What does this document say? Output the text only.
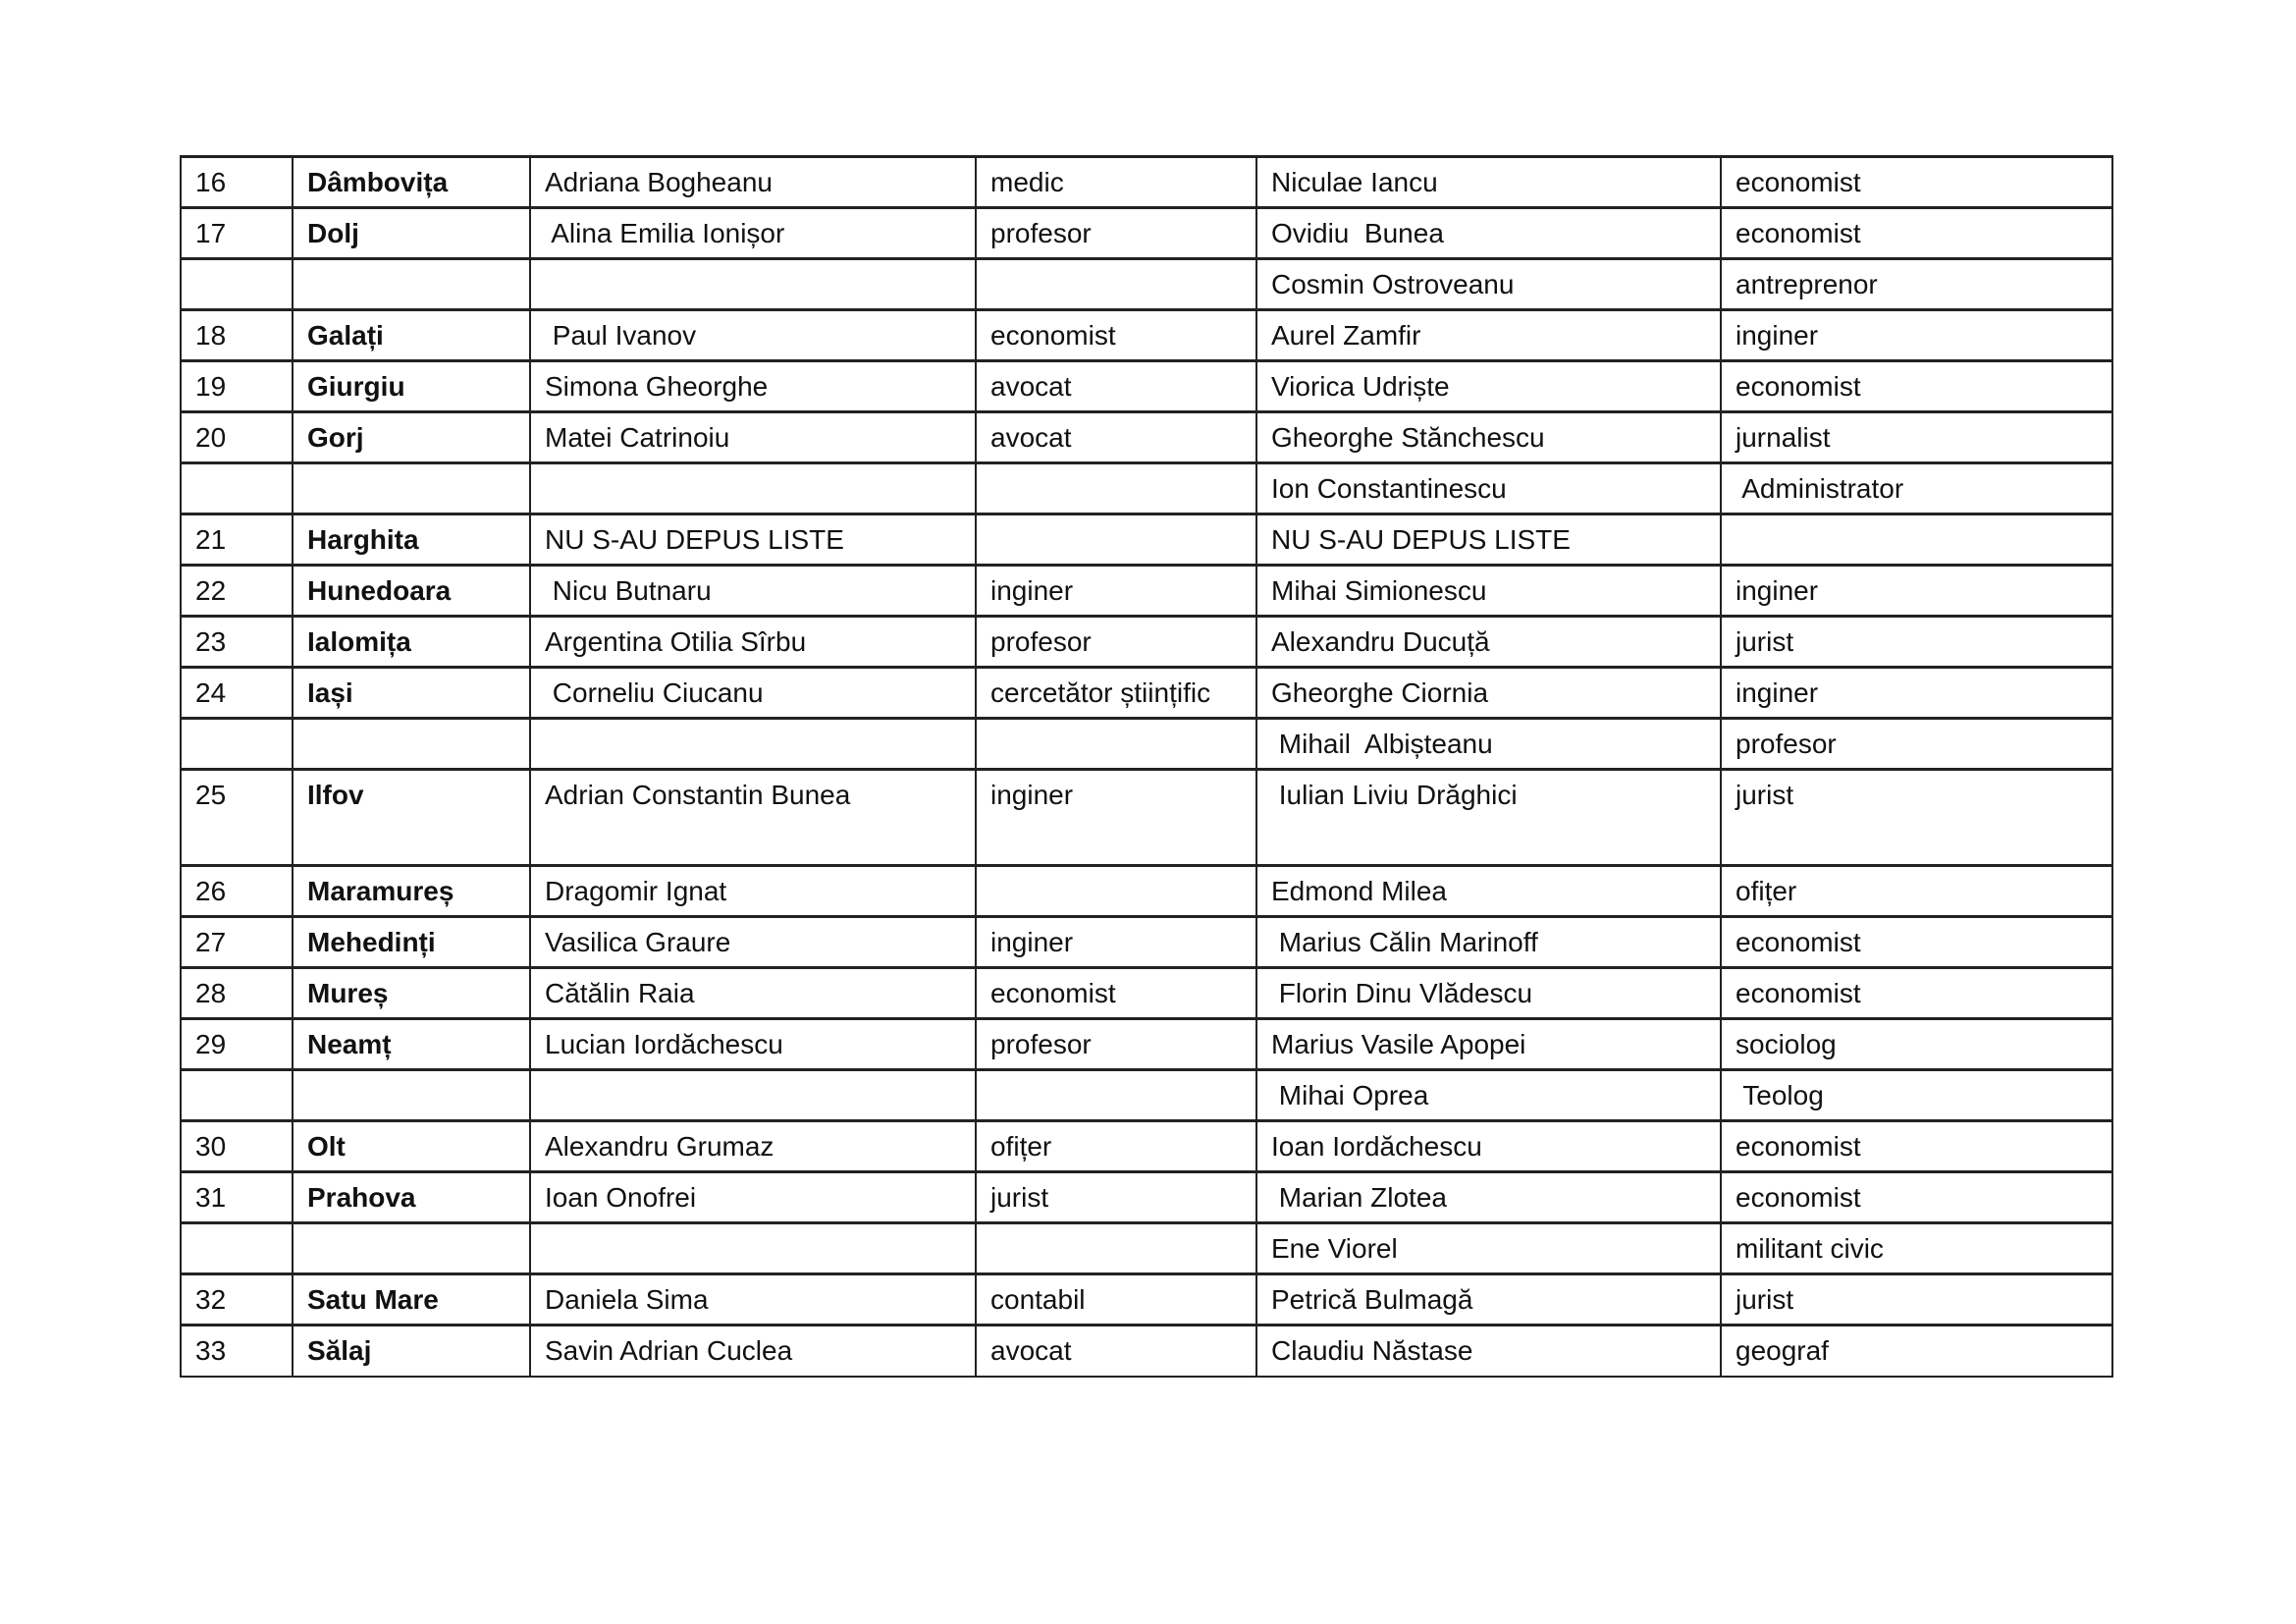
16	Dâmbovița	Adriana Bogheanu	medic	Niculae Iancu	economist
17	Dolj	Alina Emilia Ionișor	profesor	Ovidiu  Bunea	economist
				Cosmin Ostroveanu	antreprenor
18	Galați	Paul Ivanov	economist	Aurel Zamfir	inginer
19	Giurgiu	Simona Gheorghe	avocat	Viorica Udriște	economist
20	Gorj	Matei Catrinoiu	avocat	Gheorghe Stănchescu	jurnalist
				Ion Constantinescu	Administrator
21	Harghita	NU S-AU DEPUS LISTE		NU S-AU DEPUS LISTE	
22	Hunedoara	Nicu Butnaru	inginer	Mihai Simionescu	inginer
23	Ialomița	Argentina Otilia Sîrbu	profesor	Alexandru Ducuță	jurist
24	Iași	Corneliu Ciucanu	cercetător științific	Gheorghe Ciornia	inginer
				Mihail  Albișteanu	profesor
25	Ilfov	Adrian Constantin Bunea	inginer	Iulian Liviu Drăghici	jurist
26	Maramureș	Dragomir Ignat		Edmond Milea	ofițer
27	Mehedinți	Vasilica Graure	inginer	Marius Călin Marinoff	economist
28	Mureș	Cătălin Raia	economist	Florin Dinu Vlădescu	economist
29	Neamț	Lucian Iordăchescu	profesor	Marius Vasile Apopei	sociolog
				Mihai Oprea	Teolog
30	Olt	Alexandru Grumaz	ofițer	Ioan Iordăchescu	economist
31	Prahova	Ioan Onofrei	jurist	Marian Zlotea	economist
				Ene Viorel	militant civic
32	Satu Mare	Daniela Sima	contabil	Petrică Bulmagă	jurist
33	Sălaj	Savin Adrian Cuclea	avocat	Claudiu Năstase	geograf
